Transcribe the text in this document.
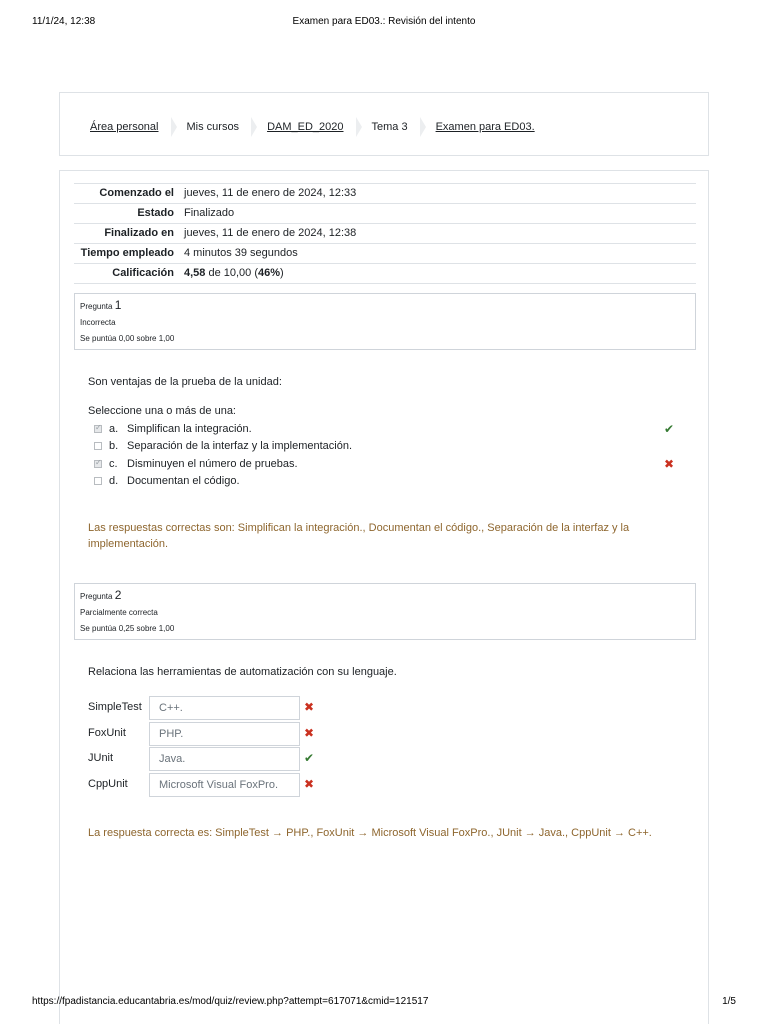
11/1/24, 12:38	Examen para ED03.: Revisión del intento
Área personal	Mis cursos	DAM_ED_2020	Tema 3	Examen para ED03.
Comenzado el	jueves, 11 de enero de 2024, 12:33
Estado	Finalizado
Finalizado en	jueves, 11 de enero de 2024, 12:38
Tiempo empleado	4 minutos 39 segundos
Calificación	4,58 de 10,00 (46%)
Pregunta 1
Incorrecta
Se puntúa 0,00 sobre 1,00
Son ventajas de la prueba de la unidad:
Seleccione una o más de una:
✓
a. Simplifican la integración.	✔
b. Separación de la interfaz y la implementación.
✓
c. Disminuyen el número de pruebas.	✖
d. Documentan el código.
Las respuestas correctas son: Simplifican la integración., Documentan el código., Separación de la interfaz y la implementación.
Pregunta 2
Parcialmente correcta
Se puntúa 0,25 sobre 1,00
Relaciona las herramientas de automatización con su lenguaje.
SimpleTest	C++.	✖
FoxUnit	PHP.	✖
JUnit	Java.	✔
CppUnit	Microsoft Visual FoxPro.	✖
La respuesta correcta es: SimpleTest → PHP., FoxUnit → Microsoft Visual FoxPro., JUnit → Java., CppUnit → C++.
https://fpadistancia.educantabria.es/mod/quiz/review.php?attempt=617071&cmid=121517	1/5
